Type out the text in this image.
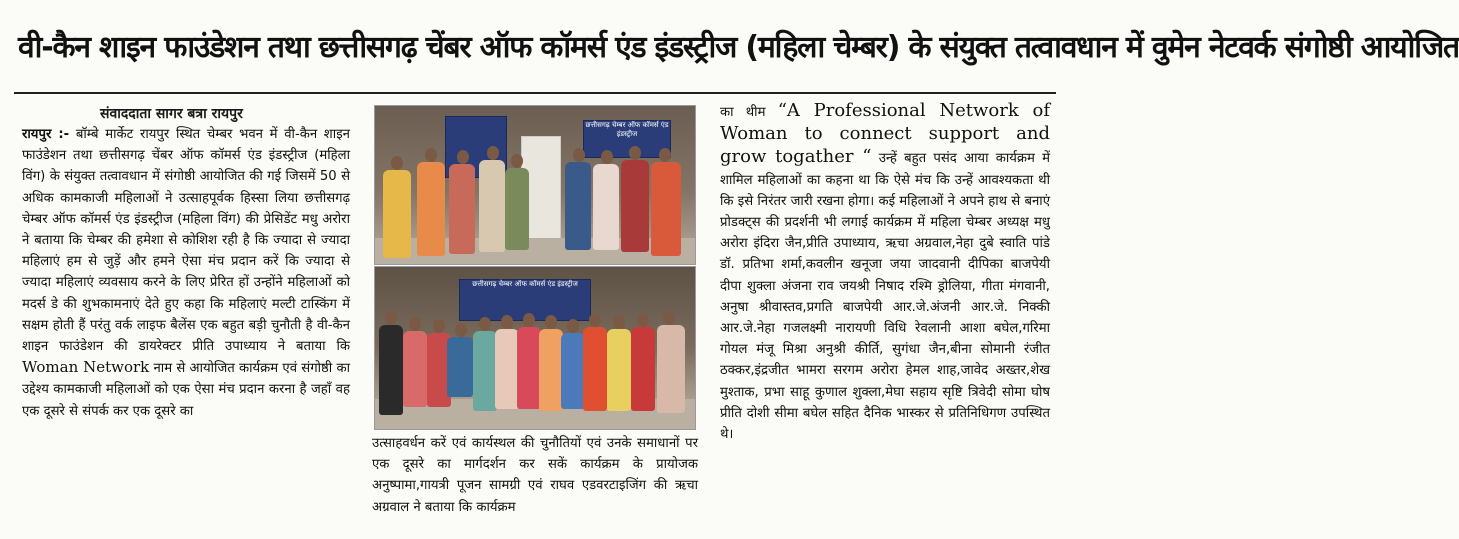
वी-कैन शाइन फाउंडेशन तथा छत्तीसगढ़ चेंबर ऑफ कॉमर्स एंड इंडस्ट्रीज (महिला चेम्बर) के संयुक्त तत्वावधान में वुमेन नेटवर्क संगोष्ठी आयोजित
संवाददाता सागर बत्रा रायपुर

रायपुर :- बॉम्बे मार्केट रायपुर स्थित चेम्बर भवन में वी-कैन शाइन फाउंडेशन तथा छत्तीसगढ़ चेंबर ऑफ कॉमर्स एंड इंडस्ट्रीज (महिला विंग) के संयुक्त तत्वावधान में संगोष्ठी आयोजित की गई जिसमें 50 से अधिक कामकाजी महिलाओं ने उत्साहपूर्वक हिस्सा लिया छत्तीसगढ़ चेम्बर ऑफ कॉमर्स एंड इंडस्ट्रीज (महिला विंग) की प्रेसिडेंट मधु अरोरा ने बताया कि चेम्बर की हमेशा से कोशिश रही है कि ज्यादा से ज्यादा महिलाएं हम से जुड़ें और हमने ऐसा मंच प्रदान करें कि ज्यादा से ज्यादा महिलाएं व्यवसाय करने के लिए प्रेरित हों उन्होंने महिलाओं को मदर्स डे की शुभकामनाएं देते हुए कहा कि महिलाएं मल्टी टास्किंग में सक्षम होती हैं परंतु वर्क लाइफ बैलेंस एक बहुत बड़ी चुनौती है वी-कैन शाइन फाउंडेशन की डायरेक्टर प्रीति उपाध्याय ने बताया कि Woman Network नाम से आयोजित कार्यक्रम एवं संगोष्ठी का उद्देश्य कामकाजी महिलाओं को एक ऐसा मंच प्रदान करना है जहाँ वह एक दूसरे से संपर्क कर एक दूसरे का

छत्तीसगढ़ चेम्बर ऑफ कॉमर्स एंड इंडस्ट्रीज
छत्तीसगढ़ चेम्बर ऑफ कॉमर्स एंड इंडस्ट्रीज

उत्साहवर्धन करें एवं कार्यस्थल की चुनौतियों एवं उनके समाधानों पर एक दूसरे का मार्गदर्शन कर सकें कार्यक्रम के प्रायोजक अनुष्पामा,गायत्री पूजन सामग्री एवं राघव एडवरटाइजिंग की ऋचा अग्रवाल ने बताया कि कार्यक्रम

का थीम “A Professional Network of Woman to connect support and grow togather “ उन्हें बहुत पसंद आया कार्यक्रम में शामिल महिलाओं का कहना था कि ऐसे मंच कि उन्हें आवश्यकता थी कि इसे निरंतर जारी रखना होगा। कई महिलाओं ने अपने हाथ से बनाएं प्रोडक्ट्स की प्रदर्शनी भी लगाई कार्यक्रम में महिला चेम्बर अध्यक्ष मधु अरोरा इंदिरा जैन,प्रीति उपाध्याय, ऋचा अग्रवाल,नेहा दुबे स्वाति पांडे डॉ. प्रतिभा शर्मा,कवलीन खनूजा जया जादवानी दीपिका बाजपेयी दीपा शुक्ला अंजना राव जयश्री निषाद रश्मि ड्रोलिया, गीता मंगवानी, अनुषा श्रीवास्तव,प्रगति बाजपेयी आर.जे.अंजनी आर.जे. निक्की आर.जे.नेहा गजलक्ष्मी नारायणी विधि रेवलानी आशा बघेल,गरिमा गोयल मंजू मिश्रा अनुश्री कीर्ति, सुगंधा जैन,बीना सोमानी रंजीत ठक्कर,इंद्रजीत भामरा सरगम अरोरा हेमल शाह,जावेद अख्तर,शेख मुश्ताक, प्रभा साहू कुणाल शुक्ला,मेघा सहाय सृष्टि त्रिवेदी सोमा घोष प्रीति दोशी सीमा बघेल सहित दैनिक भास्कर से प्रतिनिधिगण उपस्थित थे।
